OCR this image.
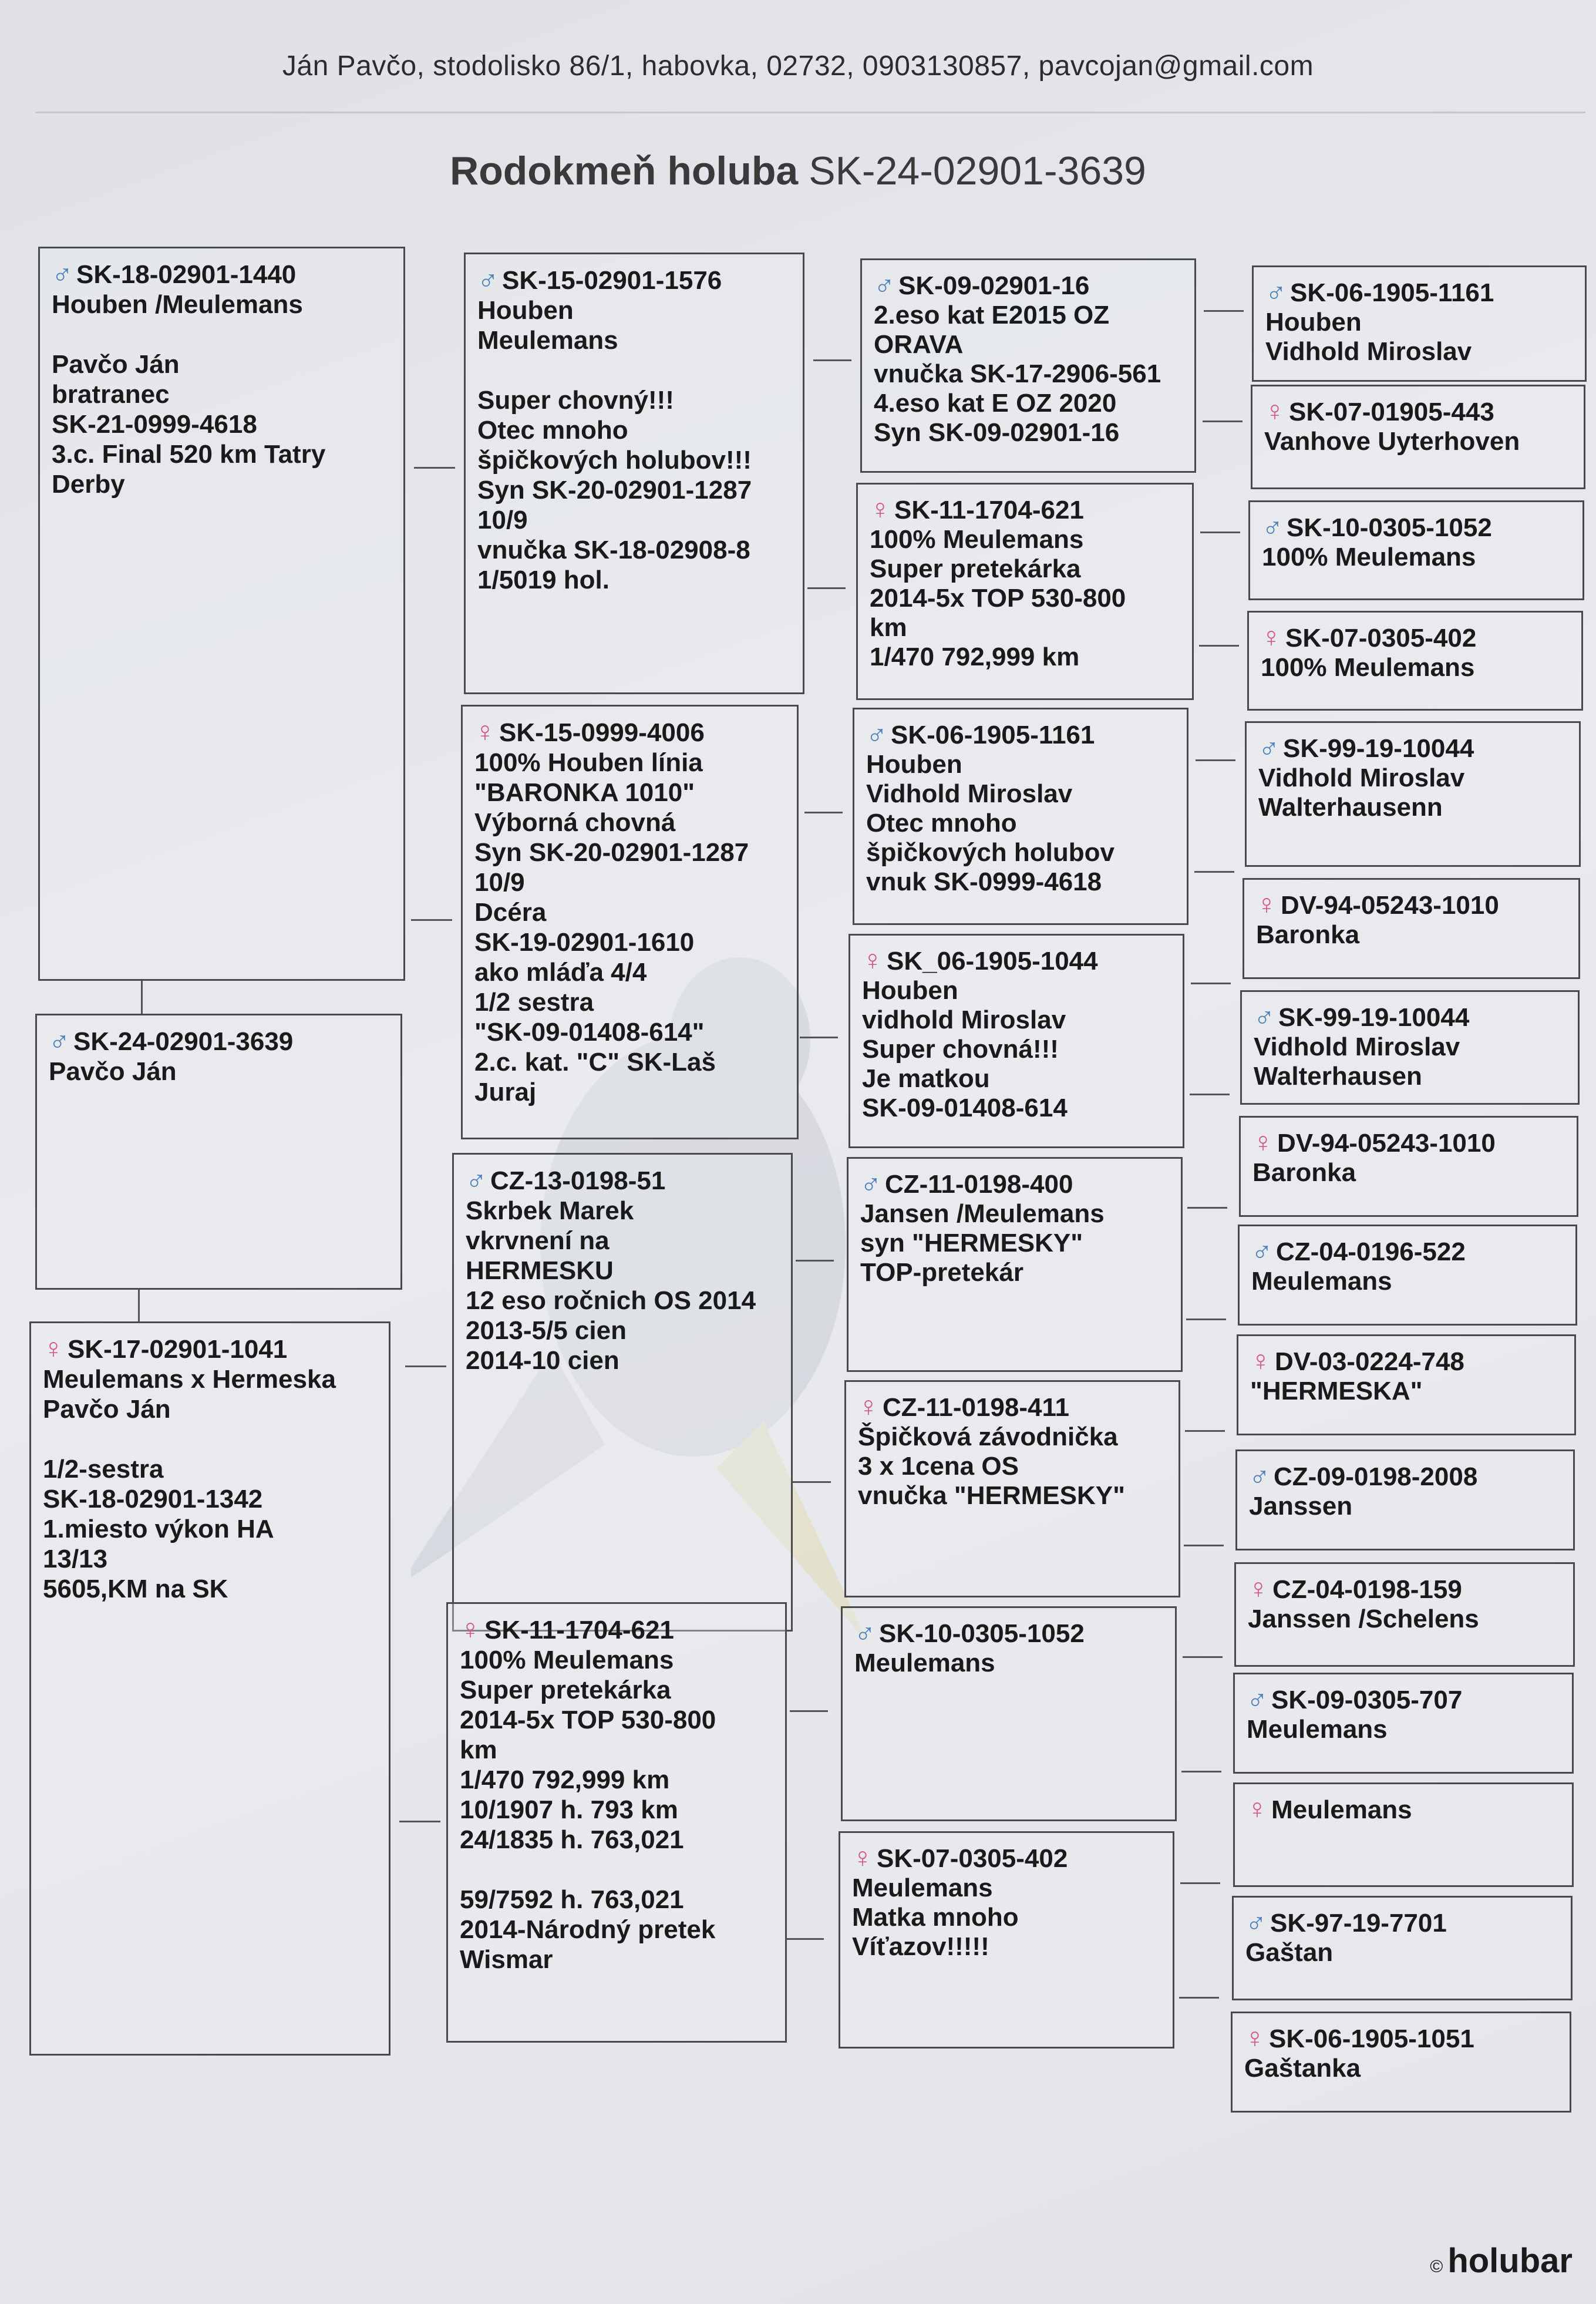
Ján Pavčo, stodolisko 86/1, habovka, 02732, 0903130857, pavcojan@gmail.com
Rodokmeň holuba SK-24-02901-3639
♂ SK-24-02901-3639
Pavčo Ján
♂ SK-18-02901-1440
Houben /Meulemans

Pavčo Ján
bratranec
SK-21-0999-4618
3.c. Final 520 km Tatry
Derby
♀ SK-17-02901-1041
Meulemans x Hermeska
Pavčo Ján

1/2-sestra
SK-18-02901-1342
1.miesto výkon HA
13/13
5605,KM na SK
♂ SK-15-02901-1576
Houben
Meulemans

Super chovný!!!
Otec mnoho
špičkových holubov!!!
Syn SK-20-02901-1287
10/9
vnučka SK-18-02908-8
1/5019 hol.
♀ SK-15-0999-4006
100% Houben línia
"BARONKA 1010"
Výborná chovná
Syn SK-20-02901-1287
10/9
Dcéra
SK-19-02901-1610
ako mláďa 4/4
1/2 sestra
"SK-09-01408-614"
2.c. kat. "C" SK-Laš
Juraj
♂ CZ-13-0198-51
Skrbek Marek
vkrvnení na
HERMESKU
12 eso ročnich OS 2014
2013-5/5 cien
2014-10 cien
♀ SK-11-1704-621
100% Meulemans
Super pretekárka
2014-5x TOP 530-800
km
1/470 792,999 km
10/1907 h. 793 km
24/1835 h. 763,021

59/7592 h. 763,021
2014-Národný pretek
Wismar
♂ SK-09-02901-16
2.eso kat E2015 OZ
ORAVA
vnučka SK-17-2906-561
4.eso kat E OZ 2020
Syn SK-09-02901-16
♀ SK-11-1704-621
100% Meulemans
Super pretekárka
2014-5x TOP 530-800
km
1/470 792,999 km
♂ SK-06-1905-1161
Houben
Vidhold Miroslav
Otec mnoho
špičkových holubov
vnuk SK-0999-4618
♀ SK_06-1905-1044
Houben
vidhold Miroslav
Super chovná!!!
Je matkou
SK-09-01408-614
♂ CZ-11-0198-400
Jansen /Meulemans
syn "HERMESKY"
TOP-pretekár
♀ CZ-11-0198-411
Špičková závodnička
3 x 1cena OS
vnučka "HERMESKY"
♂ SK-10-0305-1052
Meulemans
♀ SK-07-0305-402
Meulemans
Matka mnoho
Víťazov!!!!!
♂ SK-06-1905-1161
Houben
Vidhold Miroslav
♀ SK-07-01905-443
Vanhove Uyterhoven
♂ SK-10-0305-1052
100% Meulemans
♀ SK-07-0305-402
100% Meulemans
♂ SK-99-19-10044
Vidhold Miroslav
Walterhausenn
♀ DV-94-05243-1010
Baronka
♂ SK-99-19-10044
Vidhold Miroslav
Walterhausen
♀ DV-94-05243-1010
Baronka
♂ CZ-04-0196-522
Meulemans
♀ DV-03-0224-748
"HERMESKA"
♂ CZ-09-0198-2008
Janssen
♀ CZ-04-0198-159
Janssen /Schelens
♂ SK-09-0305-707
Meulemans
♀ Meulemans
♂ SK-97-19-7701
Gaštan
♀ SK-06-1905-1051
Gaštanka
© holubar
